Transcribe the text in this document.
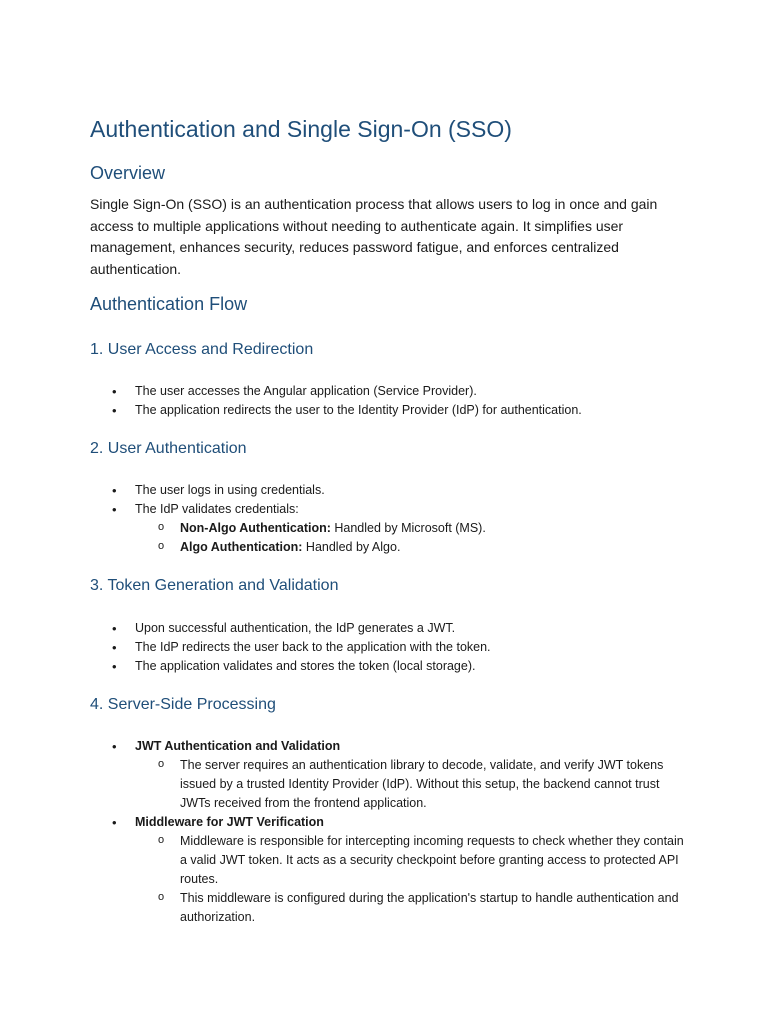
Authentication and Single Sign-On (SSO)
Overview

Single Sign-On (SSO) is an authentication process that allows users to log in once and gain access to multiple applications without needing to authenticate again. It simplifies user management, enhances security, reduces password fatigue, and enforces centralized authentication.

Authentication Flow
1. User Access and Redirection
• The user accesses the Angular application (Service Provider).
• The application redirects the user to the Identity Provider (IdP) for authentication.
2. User Authentication
• The user logs in using credentials.
• The IdP validates credentials:
o Non-Algo Authentication: Handled by Microsoft (MS).
o Algo Authentication: Handled by Algo.
3. Token Generation and Validation
• Upon successful authentication, the IdP generates a JWT.
• The IdP redirects the user back to the application with the token.
• The application validates and stores the token (local storage).
4. Server-Side Processing
• JWT Authentication and Validation
o The server requires an authentication library to decode, validate, and verify JWT tokens issued by a trusted Identity Provider (IdP). Without this setup, the backend cannot trust JWTs received from the frontend application.
• Middleware for JWT Verification
o Middleware is responsible for intercepting incoming requests to check whether they contain a valid JWT token. It acts as a security checkpoint before granting access to protected API routes.
o This middleware is configured during the application's startup to handle authentication and authorization.
